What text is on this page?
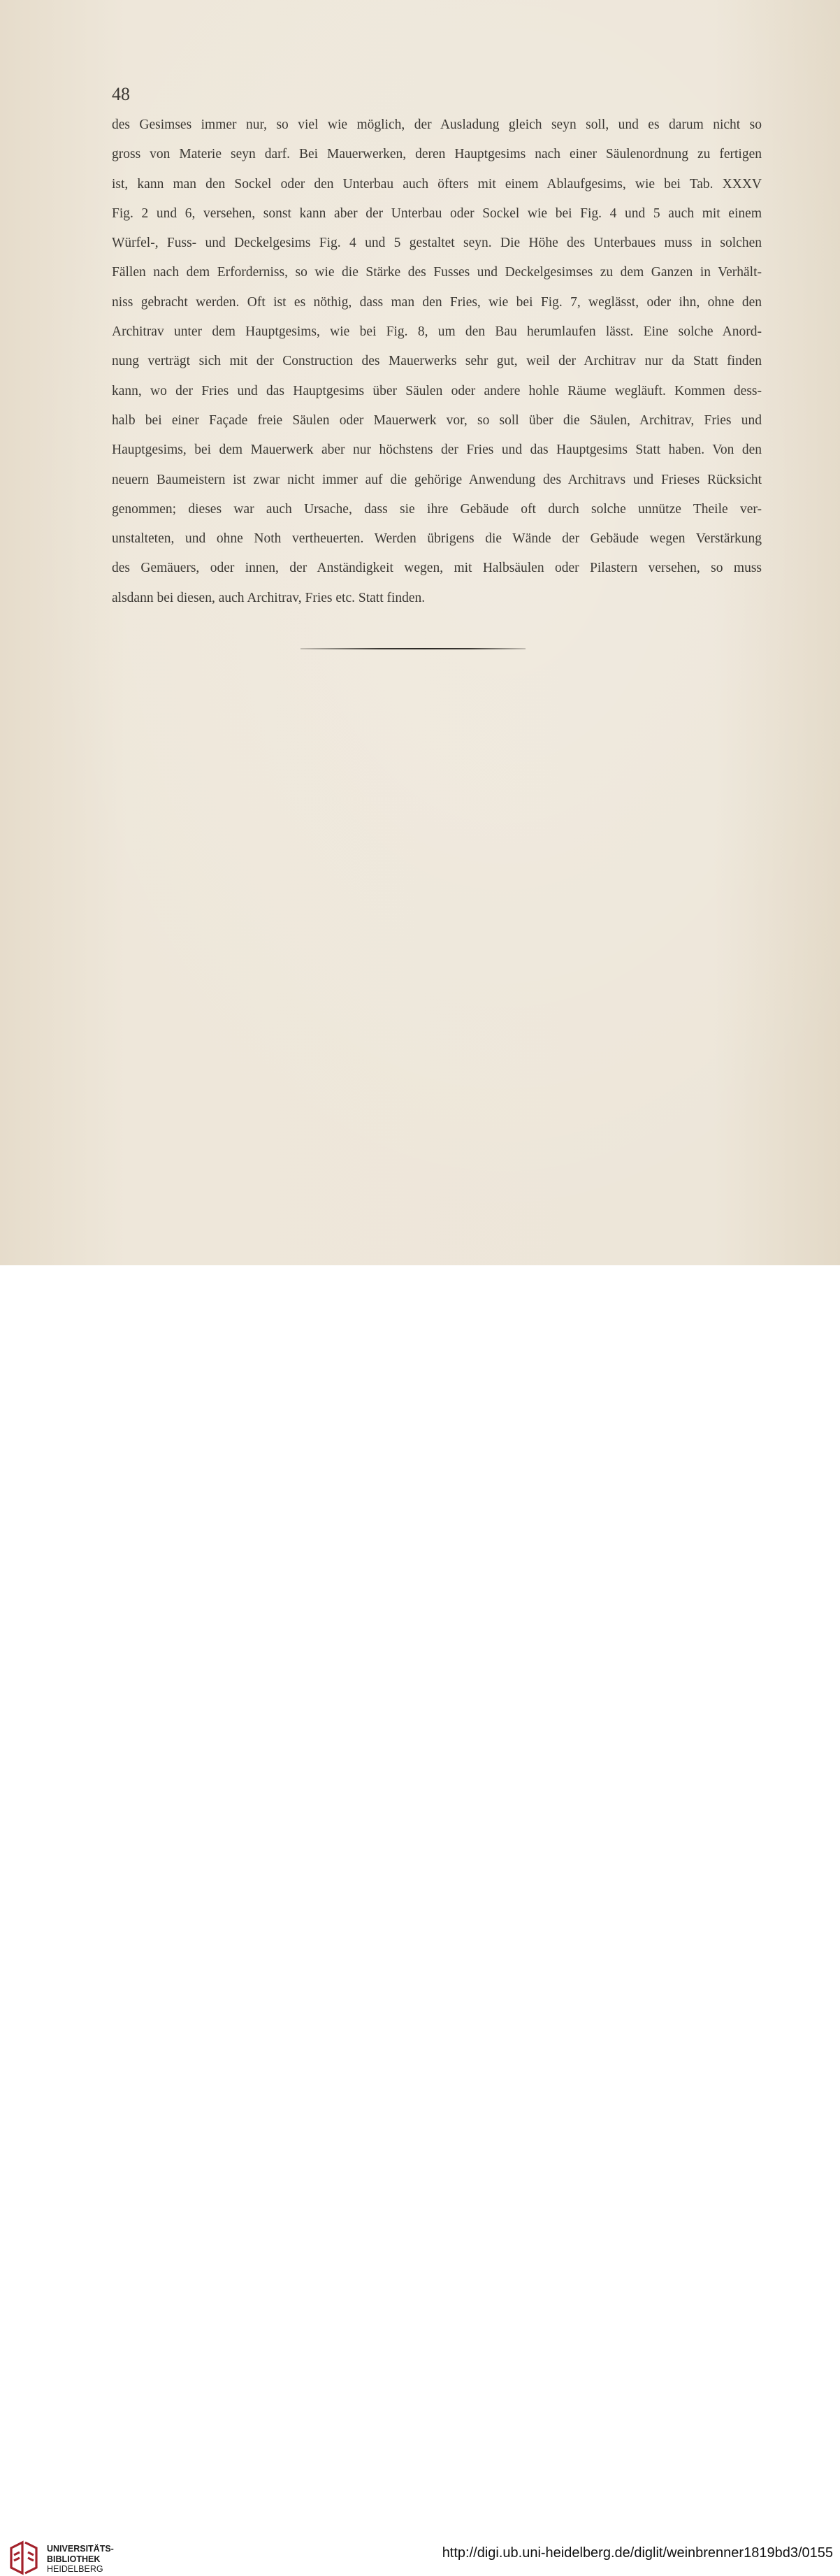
48
des Gesimses immer nur, so viel wie möglich, der Ausladung gleich seyn soll, und es darum nicht so
gross von Materie seyn darf. Bei Mauerwerken, deren Hauptgesims nach einer Säulenordnung zu fertigen
ist, kann man den Sockel oder den Unterbau auch öfters mit einem Ablaufgesims, wie bei Tab. XXXV
Fig. 2 und 6, versehen, sonst kann aber der Unterbau oder Sockel wie bei Fig. 4 und 5 auch mit einem
Würfel-, Fuss- und Deckelgesims Fig. 4 und 5 gestaltet seyn. Die Höhe des Unterbaues muss in solchen
Fällen nach dem Erforderniss, so wie die Stärke des Fusses und Deckelgesimses zu dem Ganzen in Verhält-
niss gebracht werden. Oft ist es nöthig, dass man den Fries, wie bei Fig. 7, weglässt, oder ihn, ohne den
Architrav unter dem Hauptgesims, wie bei Fig. 8, um den Bau herumlaufen lässt. Eine solche Anord-
nung verträgt sich mit der Construction des Mauerwerks sehr gut, weil der Architrav nur da Statt finden
kann, wo der Fries und das Hauptgesims über Säulen oder andere hohle Räume wegläuft. Kommen dess-
halb bei einer Façade freie Säulen oder Mauerwerk vor, so soll über die Säulen, Architrav, Fries und
Hauptgesims, bei dem Mauerwerk aber nur höchstens der Fries und das Hauptgesims Statt haben. Von den
neuern Baumeistern ist zwar nicht immer auf die gehörige Anwendung des Architravs und Frieses Rücksicht
genommen; dieses war auch Ursache, dass sie ihre Gebäude oft durch solche unnütze Theile ver-
unstalteten, und ohne Noth vertheuerten. Werden übrigens die Wände der Gebäude wegen Verstärkung
des Gemäuers, oder innen, der Anständigkeit wegen, mit Halbsäulen oder Pilastern versehen, so muss
alsdann bei diesen, auch Architrav, Fries etc. Statt finden.
UNIVERSITÄTS-
BIBLIOTHEK
HEIDELBERG
http://digi.ub.uni-heidelberg.de/diglit/weinbrenner1819bd3/0155
